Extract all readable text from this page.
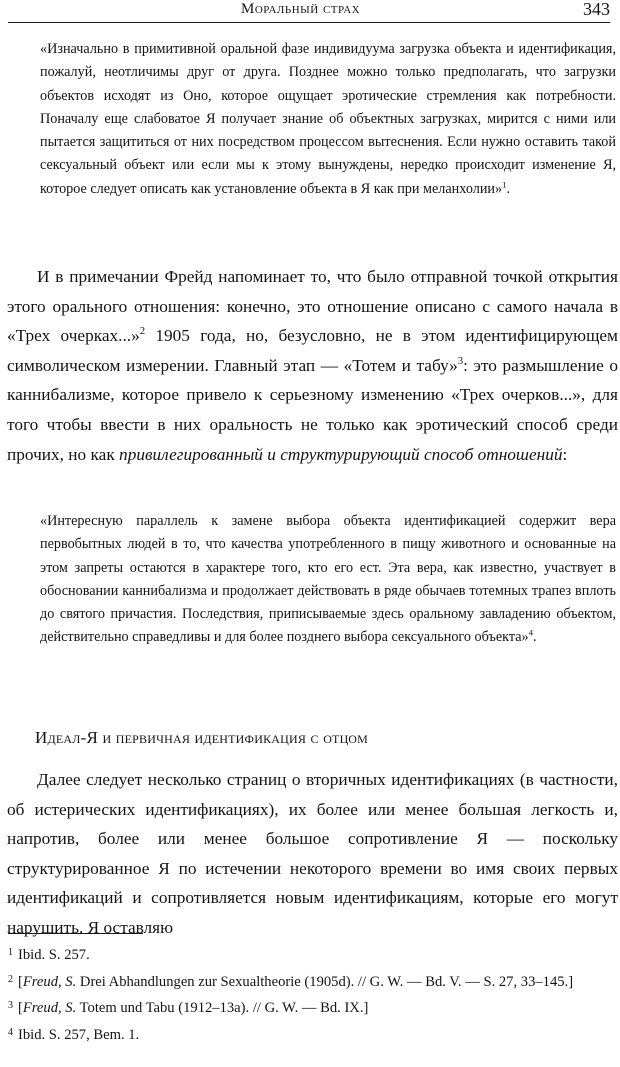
Моральный страх	343
«Изначально в примитивной оральной фазе индивидуума загрузка объекта и идентификация, пожалуй, неотличимы друг от друга. Позднее можно только предполагать, что загрузки объектов исходят из Оно, которое ощущает эротические стремления как потребности. Поначалу еще слабоватое Я получает знание об объектных загрузках, мирится с ними или пытается защититься от них посредством процессом вытеснения. Если нужно оставить такой сексуальный объект или если мы к этому вынуждены, нередко происходит изменение Я, которое следует описать как установление объекта в Я как при меланхолии»$^1$.
И в примечании Фрейд напоминает то, что было отправной точкой открытия этого орального отношения: конечно, это отношение описано с самого начала в «Трех очерках...»$^2$ 1905 года, но, безусловно, не в этом идентифицирующем символическом измерении. Главный этап — «Тотем и табу»$^3$: это размышление о каннибализме, которое привело к серьезному изменению «Трех очерков...», для того чтобы ввести в них оральность не только как эротический способ среди прочих, но как привилегированный и структурирующий способ отношений:
«Интересную параллель к замене выбора объекта идентификацией содержит вера первобытных людей в то, что качества употребленного в пищу животного и основанные на этом запреты остаются в характере того, кто его ест. Эта вера, как известно, участвует в обосновании каннибализма и продолжает действовать в ряде обычаев тотемных трапез вплоть до святого причастия. Последствия, приписываемые здесь оральному завладению объектом, действительно справедливы и для более позднего выбора сексуального объекта»$^4$.
Идеал-Я и первичная идентификация с отцом
Далее следует несколько страниц о вторичных идентификациях (в частности, об истерических идентификациях), их более или менее большая легкость и, напротив, более или менее большое сопротивление Я — поскольку структурированное Я по истечении некоторого времени во имя своих первых идентификаций и сопротивляется новым идентификациям, которые его могут нарушить. Я оставляю

$^1$ Ibid. S. 257.

$^2$ [Freud, S. Drei Abhandlungen zur Sexualtheorie (1905d). // G. W. — Bd. V. — S. 27, 33–145.]

$^3$ [Freud, S. Totem und Tabu (1912–13a). // G. W. — Bd. IX.]

$^4$ Ibid. S. 257, Bem. 1.
